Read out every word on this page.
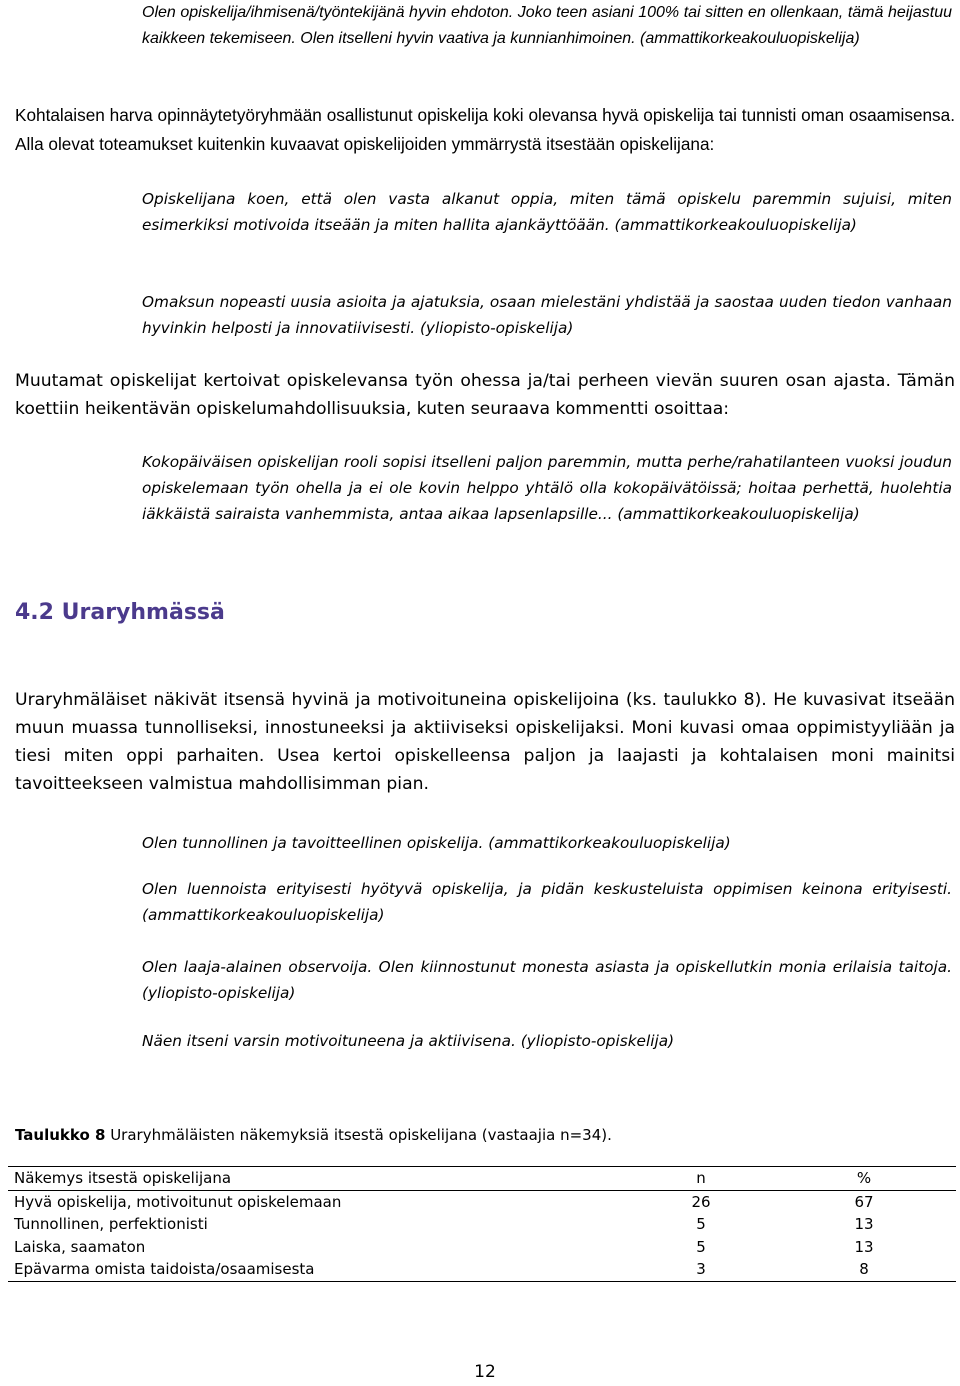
Olen opiskelija/ihmisenä/työntekijänä hyvin ehdoton. Joko teen asiani 100% tai sitten en ollenkaan, tämä heijastuu kaikkeen tekemiseen. Olen itselleni hyvin vaativa ja kunnianhimoinen. (ammattikorkeakouluopiskelija)

Kohtalaisen harva opinnäytetyöryhmään osallistunut opiskelija koki olevansa hyvä opiskelija tai tunnisti oman osaamisensa. Alla olevat toteamukset kuitenkin kuvaavat opiskelijoiden ymmärrystä itsestään opiskelijana:

Opiskelijana koen, että olen vasta alkanut oppia, miten tämä opiskelu paremmin sujuisi, miten esimerkiksi motivoida itseään ja miten hallita ajankäyttöään. (ammattikorkeakouluopiskelija)

Omaksun nopeasti uusia asioita ja ajatuksia, osaan mielestäni yhdistää ja saostaa uuden tiedon vanhaan hyvinkin helposti ja innovatiivisesti. (yliopisto-opiskelija)

Muutamat opiskelijat kertoivat opiskelevansa työn ohessa ja/tai perheen vievän suuren osan ajasta. Tämän koettiin heikentävän opiskelumahdollisuuksia, kuten seuraava kommentti osoittaa:

Kokopäiväisen opiskelijan rooli sopisi itselleni paljon paremmin, mutta perhe/rahatilanteen vuoksi joudun opiskelemaan työn ohella ja ei ole kovin helppo yhtälö olla kokopäivätöissä; hoitaa perhettä, huolehtia iäkkäistä sairaista vanhemmista, antaa aikaa lapsenlapsille... (ammattikorkeakouluopiskelija)

4.2 Uraryhmässä

Uraryhmäläiset näkivät itsensä hyvinä ja motivoituneina opiskelijoina (ks. taulukko 8). He kuvasivat itseään muun muassa tunnolliseksi, innostuneeksi ja aktiiviseksi opiskelijaksi. Moni kuvasi omaa oppimistyyliään ja tiesi miten oppi parhaiten. Usea kertoi opiskelleensa paljon ja laajasti ja kohtalaisen moni mainitsi tavoitteekseen valmistua mahdollisimman pian.

Olen tunnollinen ja tavoitteellinen opiskelija. (ammattikorkeakouluopiskelija)

Olen luennoista erityisesti hyötyvä opiskelija, ja pidän keskusteluista oppimisen keinona erityisesti. (ammattikorkeakouluopiskelija)

Olen laaja-alainen observoija. Olen kiinnostunut monesta asiasta ja opiskellutkin monia erilaisia taitoja. (yliopisto-opiskelija)

Näen itseni varsin motivoituneena ja aktiivisena. (yliopisto-opiskelija)

Taulukko 8 Uraryhmäläisten näkemyksiä itsestä opiskelijana (vastaajia n=34).
Näkemys itsestä opiskelijana	n	%
Hyvä opiskelija, motivoitunut opiskelemaan	26	67
Tunnollinen, perfektionisti	5	13
Laiska, saamaton	5	13
Epävarma omista taidoista/osaamisesta	3	8
12
